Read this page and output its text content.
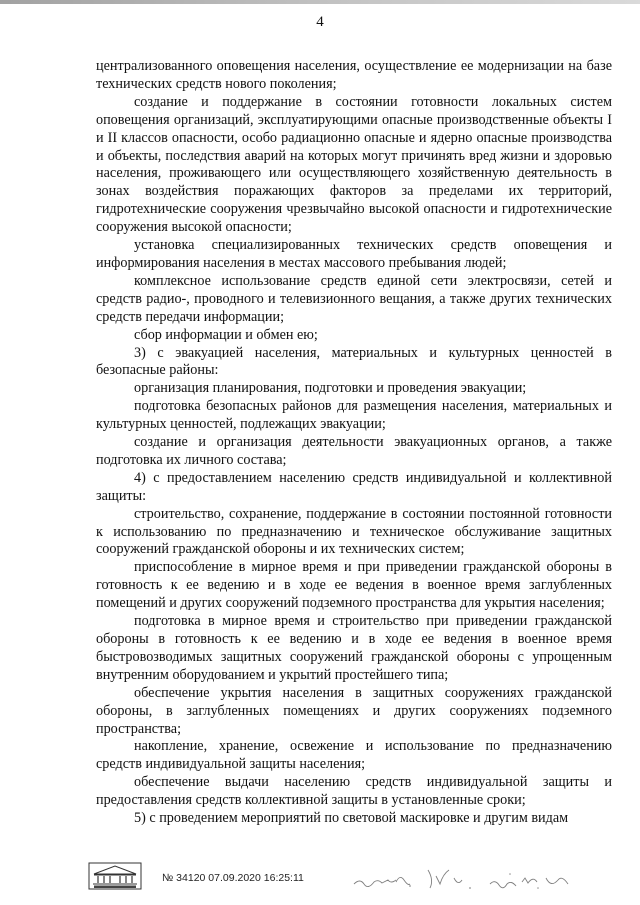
4

централизованного оповещения населения, осуществление ее модернизации на базе технических средств нового поколения;

создание и поддержание в состоянии готовности локальных систем оповещения организаций, эксплуатирующими опасные производственные объекты I и II классов опасности, особо радиационно опасные и ядерно опасные производства и объекты, последствия аварий на которых могут причинять вред жизни и здоровью населения, проживающего или осуществляющего хозяйственную деятельность в зонах воздействия поражающих факторов за пределами их территорий, гидротехнические сооружения чрезвычайно высокой опасности и гидротехнические сооружения высокой опасности;

установка специализированных технических средств оповещения и информирования населения в местах массового пребывания людей;

комплексное использование средств единой сети электросвязи, сетей и средств радио-, проводного и телевизионного вещания, а также других технических средств передачи информации;

сбор информации и обмен ею;

3) с эвакуацией населения, материальных и культурных ценностей в безопасные районы:

организация планирования, подготовки и проведения эвакуации;

подготовка безопасных районов для размещения населения, материальных и культурных ценностей, подлежащих эвакуации;

создание и организация деятельности эвакуационных органов, а также подготовка их личного состава;

4) с предоставлением населению средств индивидуальной и коллективной защиты:

строительство, сохранение, поддержание в состоянии постоянной готовности к использованию по предназначению и техническое обслуживание защитных сооружений гражданской обороны и их технических систем;

приспособление в мирное время и при приведении гражданской обороны в готовность к ее ведению и в ходе ее ведения в военное время заглубленных помещений и других сооружений подземного пространства для укрытия населения;

подготовка в мирное время и строительство при приведении гражданской обороны в готовность к ее ведению и в ходе ее ведения в военное время быстровозводимых защитных сооружений гражданской обороны с упрощенным внутренним оборудованием и укрытий простейшего типа;

обеспечение укрытия населения в защитных сооружениях гражданской обороны, в заглубленных помещениях и других сооружениях подземного пространства;

накопление, хранение, освежение и использование по предназначению средств индивидуальной защиты населения;

обеспечение выдачи населению средств индивидуальной защиты и предоставления средств коллективной защиты в установленные сроки;

5) с проведением мероприятий по световой маскировке и другим видам

№ 34120 07.09.2020 16:25:11
